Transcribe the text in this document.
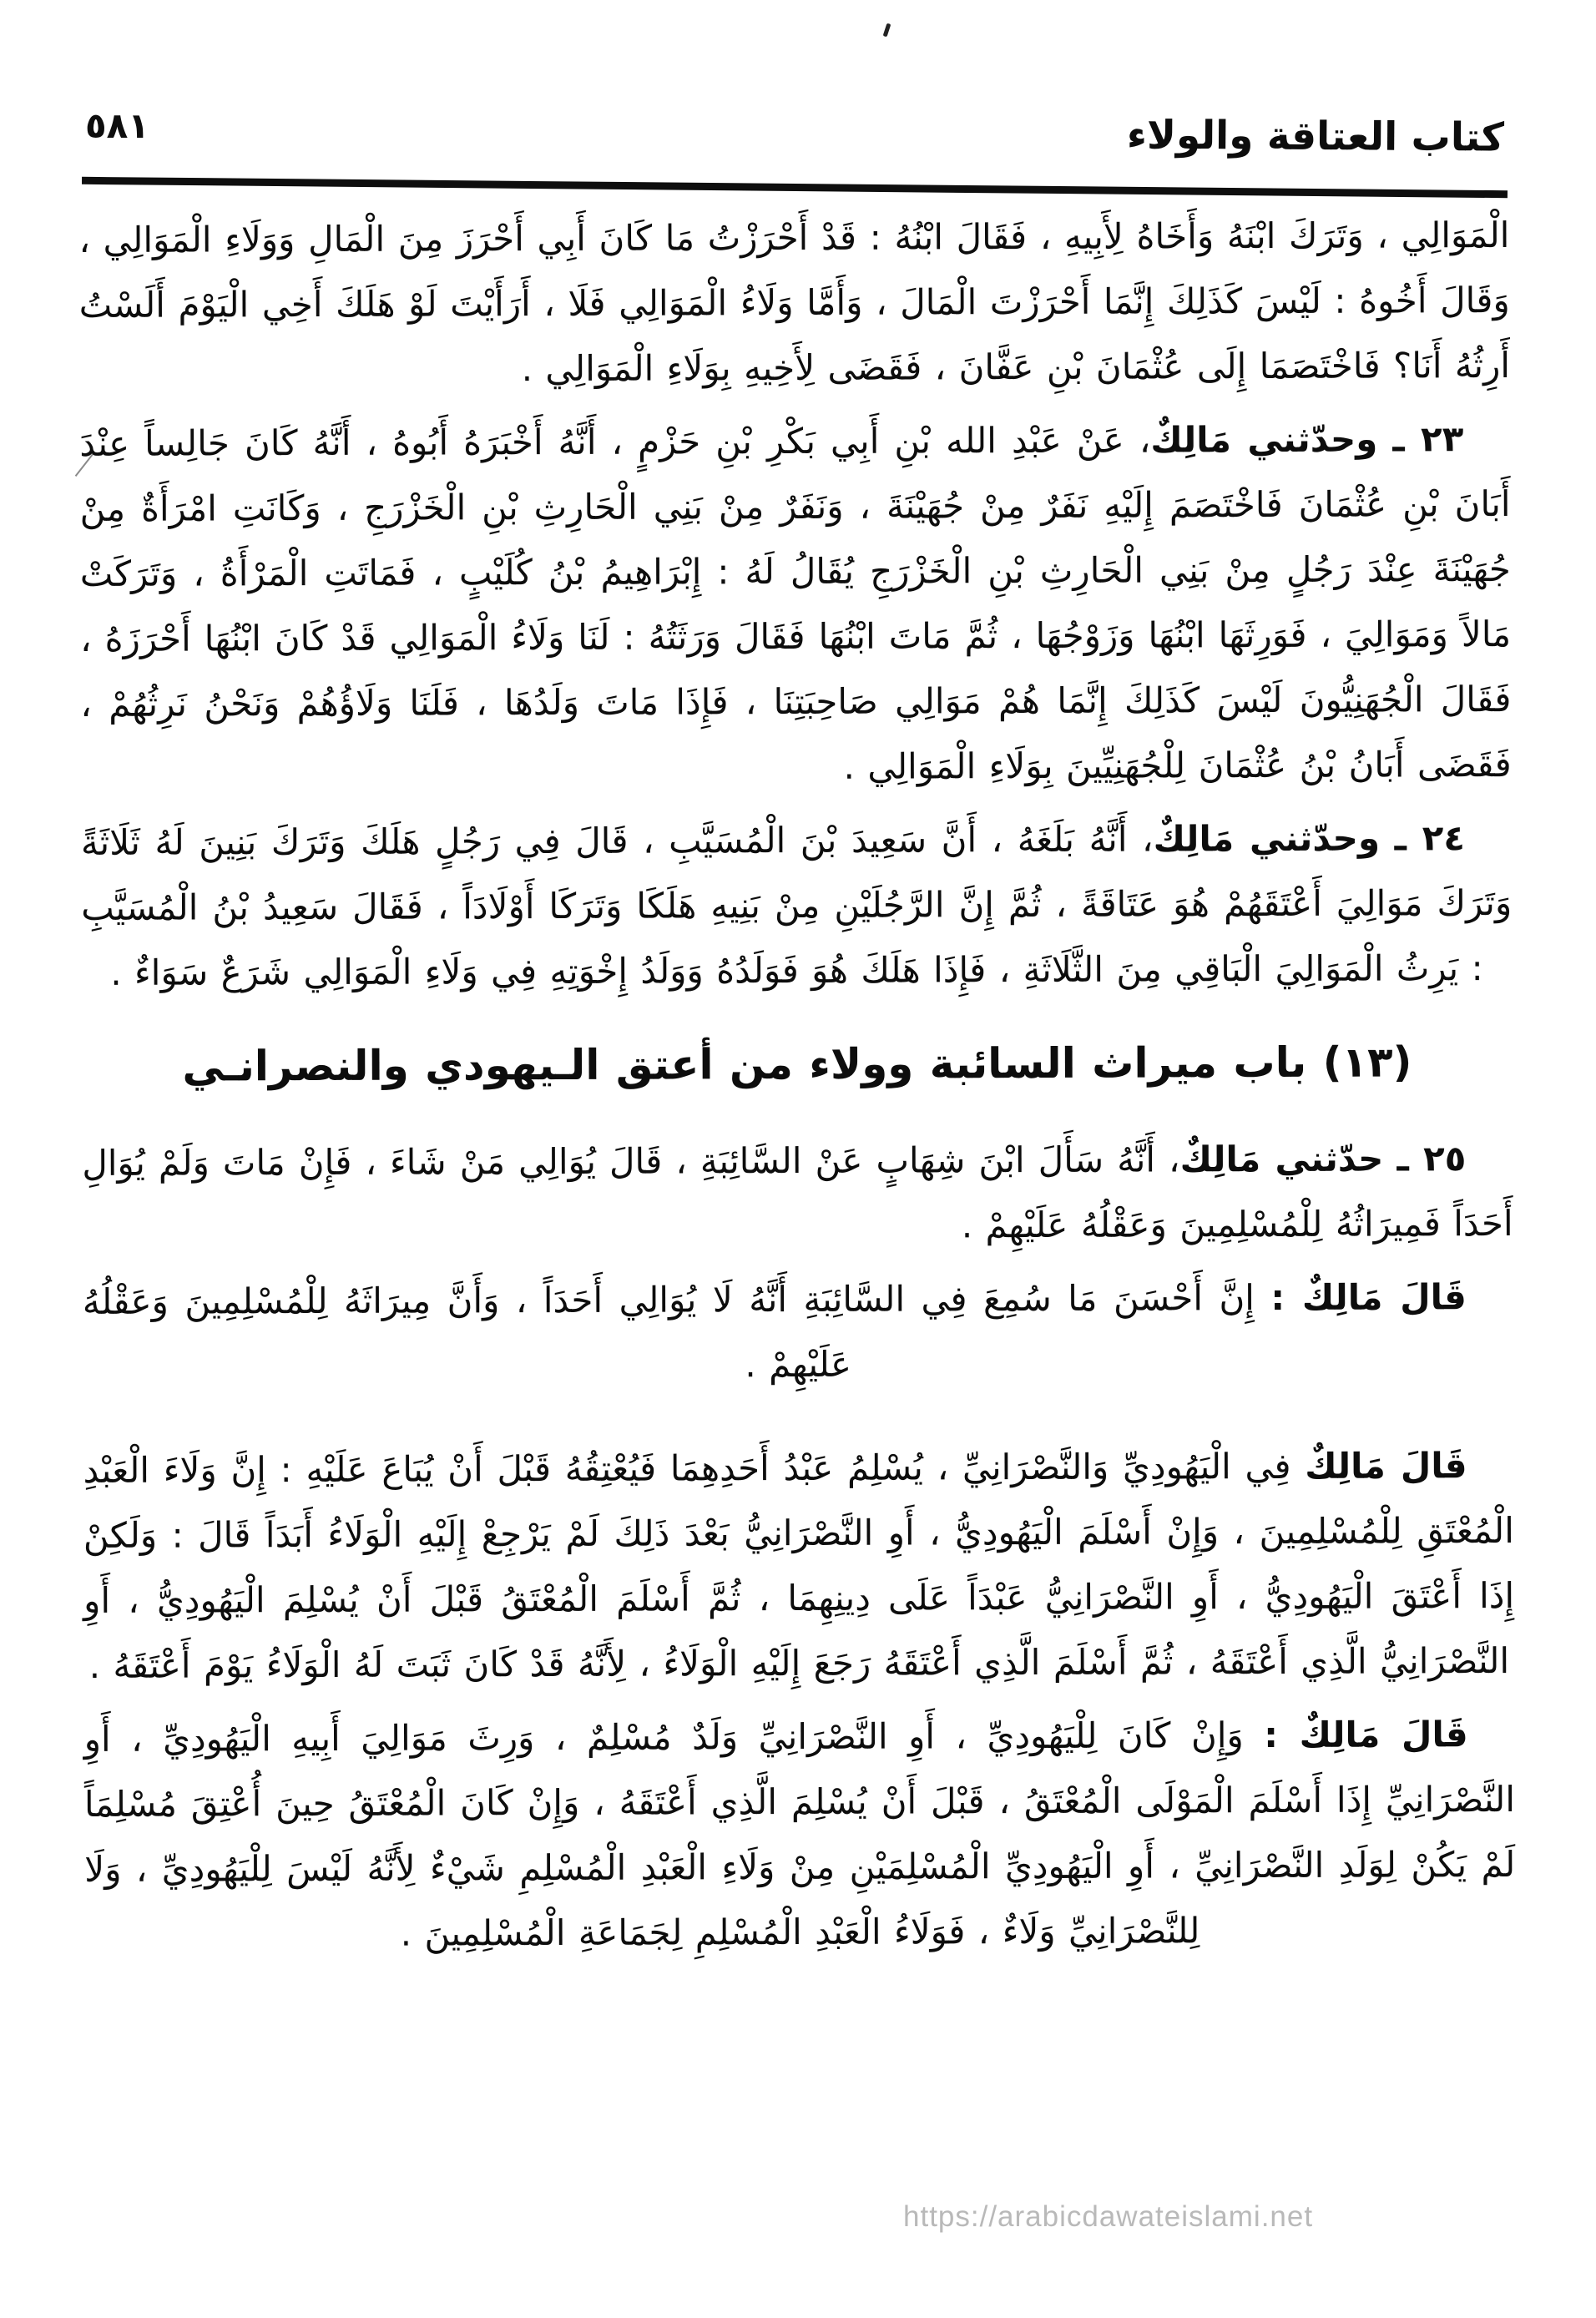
٥٨١	كتاب العتاقة والولاء
الْمَوَالِي ، وَتَرَكَ ابْنَهُ وَأَخَاهُ لِأَبِيهِ ، فَقَالَ ابْنُهُ : قَدْ أَحْرَزْتُ مَا كَانَ أَبِي أَحْرَزَ مِنَ الْمَالِ وَوَلَاءِ الْمَوَالِي ، وَقَالَ أَخُوهُ : لَيْسَ كَذَلِكَ إِنَّمَا أَحْرَزْتَ الْمَالَ ، وَأَمَّا وَلَاءُ الْمَوَالِي فَلَا ، أَرَأَيْتَ لَوْ هَلَكَ أَخِي الْيَوْمَ أَلَسْتُ أَرِثُهُ أَنَا؟ فَاخْتَصَمَا إِلَى عُثْمَانَ بْنِ عَفَّانَ ، فَقَضَى لِأَخِيهِ بِوَلَاءِ الْمَوَالِي .
٢٣ ـ وحدّثني مَالِكٌ، عَنْ عَبْدِ الله بْنِ أَبِي بَكْرِ بْنِ حَزْمٍ ، أَنَّهُ أَخْبَرَهُ أَبُوهُ ، أَنَّهُ كَانَ جَالِساً عِنْدَ أَبَانَ بْنِ عُثْمَانَ فَاخْتَصَمَ إِلَيْهِ نَفَرٌ مِنْ جُهَيْنَةَ ، وَنَفَرٌ مِنْ بَنِي الْحَارِثِ بْنِ الْخَزْرَجِ ، وَكَانَتِ امْرَأَةٌ مِنْ جُهَيْنَةَ عِنْدَ رَجُلٍ مِنْ بَنِي الْحَارِثِ بْنِ الْخَزْرَجِ يُقَالُ لَهُ : إِبْرَاهِيمُ بْنُ كُلَيْبٍ ، فَمَاتَتِ الْمَرْأَةُ ، وَتَرَكَتْ مَالاً وَمَوَالِيَ ، فَوَرِثَهَا ابْنُهَا وَزَوْجُهَا ، ثُمَّ مَاتَ ابْنُهَا فَقَالَ وَرَثَتُهُ : لَنَا وَلَاءُ الْمَوَالِي قَدْ كَانَ ابْنُهَا أَحْرَزَهُ ، فَقَالَ الْجُهَنِيُّونَ لَيْسَ كَذَلِكَ إِنَّمَا هُمْ مَوَالِي صَاحِبَتِنَا ، فَإِذَا مَاتَ وَلَدُهَا ، فَلَنَا وَلَاؤُهُمْ وَنَحْنُ نَرِثُهُمْ ، فَقَضَى أَبَانُ بْنُ عُثْمَانَ لِلْجُهَنِيِّينَ بِوَلَاءِ الْمَوَالِي .
٢٤ ـ وحدّثني مَالِكٌ، أَنَّهُ بَلَغَهُ ، أَنَّ سَعِيدَ بْنَ الْمُسَيَّبِ ، قَالَ فِي رَجُلٍ هَلَكَ وَتَرَكَ بَنِينَ لَهُ ثَلَاثَةً وَتَرَكَ مَوَالِيَ أَعْتَقَهُمْ هُوَ عَتَاقَةً ، ثُمَّ إِنَّ الرَّجُلَيْنِ مِنْ بَنِيهِ هَلَكَا وَتَرَكَا أَوْلَادَاً ، فَقَالَ سَعِيدُ بْنُ الْمُسَيَّبِ : يَرِثُ الْمَوَالِيَ الْبَاقِي مِنَ الثَّلَاثَةِ ، فَإِذَا هَلَكَ هُوَ فَوَلَدُهُ وَوَلَدُ إِخْوَتِهِ فِي وَلَاءِ الْمَوَالِي شَرَعٌ سَوَاءٌ .
(١٣) باب ميراث السائبة وولاء من أعتق الـيهودي والنصرانـي
٢٥ ـ حدّثني مَالِكٌ، أَنَّهُ سَأَلَ ابْنَ شِهَابٍ عَنْ السَّائِبَةِ ، قَالَ يُوَالِي مَنْ شَاءَ ، فَإِنْ مَاتَ وَلَمْ يُوَالِ أَحَدَاً فَمِيرَاثُهُ لِلْمُسْلِمِينَ وَعَقْلُهُ عَلَيْهِمْ .
قَالَ مَالِكٌ : إِنَّ أَحْسَنَ مَا سُمِعَ فِي السَّائِبَةِ أَنَّهُ لَا يُوَالِي أَحَدَاً ، وَأَنَّ مِيرَاثَهُ لِلْمُسْلِمِينَ وَعَقْلُهُ عَلَيْهِمْ .
قَالَ مَالِكٌ فِي الْيَهُودِيِّ وَالنَّصْرَانِيِّ ، يُسْلِمُ عَبْدُ أَحَدِهِمَا فَيُعْتِقُهُ قَبْلَ أَنْ يُبَاعَ عَلَيْهِ : إِنَّ وَلَاءَ الْعَبْدِ الْمُعْتَقِ لِلْمُسْلِمِينَ ، وَإِنْ أَسْلَمَ الْيَهُودِيُّ ، أَوِ النَّصْرَانِيُّ بَعْدَ ذَلِكَ لَمْ يَرْجِعْ إِلَيْهِ الْوَلَاءُ أَبَدَاً قَالَ : وَلَكِنْ إِذَا أَعْتَقَ الْيَهُودِيُّ ، أَوِ النَّصْرَانِيُّ عَبْدَاً عَلَى دِينِهِمَا ، ثُمَّ أَسْلَمَ الْمُعْتَقُ قَبْلَ أَنْ يُسْلِمَ الْيَهُودِيُّ ، أَوِ النَّصْرَانِيُّ الَّذِي أَعْتَقَهُ ، ثُمَّ أَسْلَمَ الَّذِي أَعْتَقَهُ رَجَعَ إِلَيْهِ الْوَلَاءُ ، لِأَنَّهُ قَدْ كَانَ ثَبَتَ لَهُ الْوَلَاءُ يَوْمَ أَعْتَقَهُ .
قَالَ مَالِكٌ : وَإِنْ كَانَ لِلْيَهُودِيِّ ، أَوِ النَّصْرَانِيِّ وَلَدٌ مُسْلِمٌ ، وَرِثَ مَوَالِيَ أَبِيهِ الْيَهُودِيِّ ، أَوِ النَّصْرَانِيِّ إِذَا أَسْلَمَ الْمَوْلَى الْمُعْتَقُ ، قَبْلَ أَنْ يُسْلِمَ الَّذِي أَعْتَقَهُ ، وَإِنْ كَانَ الْمُعْتَقُ حِينَ أُعْتِقَ مُسْلِمَاً لَمْ يَكُنْ لِوَلَدِ النَّصْرَانِيِّ ، أَوِ الْيَهُودِيِّ الْمُسْلِمَيْنِ مِنْ وَلَاءِ الْعَبْدِ الْمُسْلِمِ شَيْءٌ لِأَنَّهُ لَيْسَ لِلْيَهُودِيِّ ، وَلَا لِلنَّصْرَانِيِّ وَلَاءٌ ، فَوَلَاءُ الْعَبْدِ الْمُسْلِمِ لِجَمَاعَةِ الْمُسْلِمِينَ .
https://arabicdawateislami.net
